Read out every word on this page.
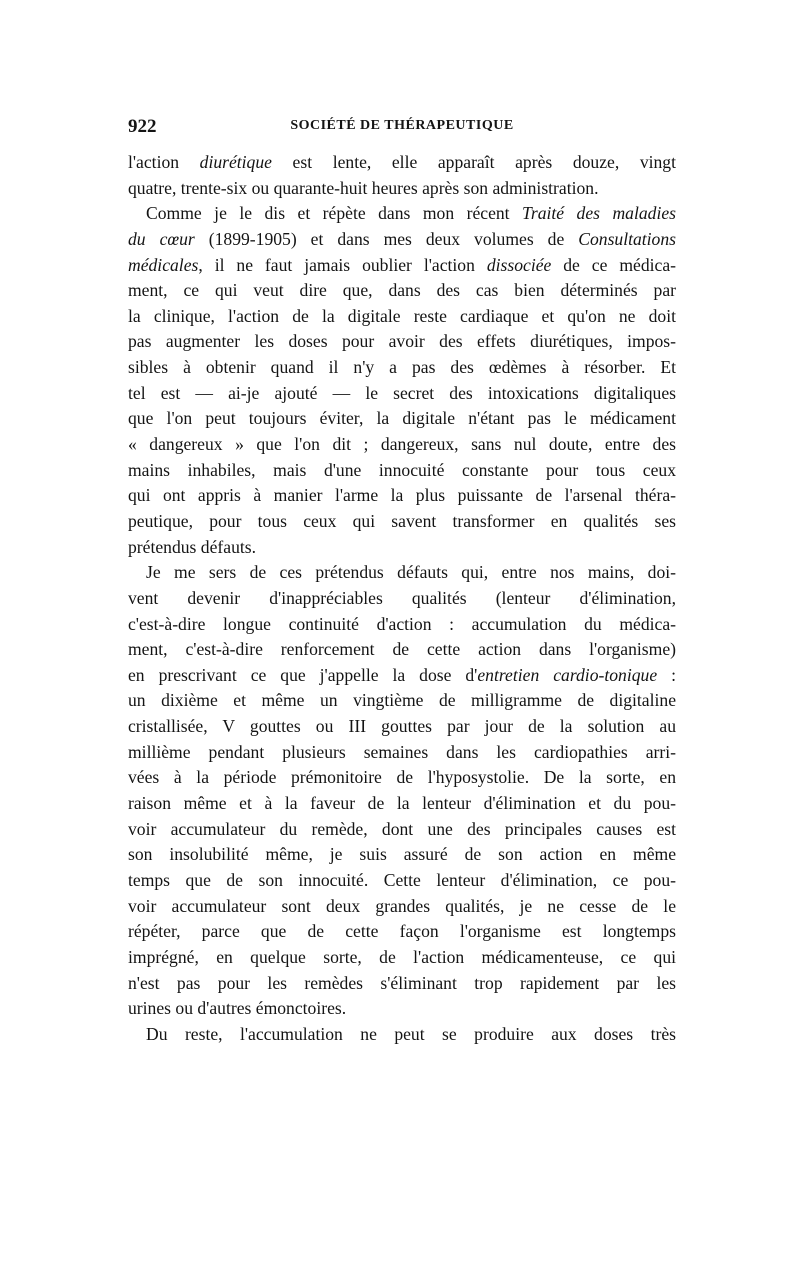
922	SOCIÉTÉ DE THÉRAPEUTIQUE
l'action diurétique est lente, elle apparaît après douze, vingt
quatre, trente-six ou quarante-huit heures après son administration.
Comme je le dis et répète dans mon récent Traité des maladies
du cœur (1899-1905) et dans mes deux volumes de Consultations
médicales, il ne faut jamais oublier l'action dissociée de ce médica-
ment, ce qui veut dire que, dans des cas bien déterminés par
la clinique, l'action de la digitale reste cardiaque et qu'on ne doit
pas augmenter les doses pour avoir des effets diurétiques, impos-
sibles à obtenir quand il n'y a pas des œdèmes à résorber. Et
tel est — ai-je ajouté — le secret des intoxications digitaliques
que l'on peut toujours éviter, la digitale n'étant pas le médicament
« dangereux » que l'on dit ; dangereux, sans nul doute, entre des
mains inhabiles, mais d'une innocuité constante pour tous ceux
qui ont appris à manier l'arme la plus puissante de l'arsenal théra-
peutique, pour tous ceux qui savent transformer en qualités ses
prétendus défauts.
Je me sers de ces prétendus défauts qui, entre nos mains, doi-
vent devenir d'inappréciables qualités (lenteur d'élimination,
c'est-à-dire longue continuité d'action : accumulation du médica-
ment, c'est-à-dire renforcement de cette action dans l'organisme)
en prescrivant ce que j'appelle la dose d'entretien cardio-tonique :
un dixième et même un vingtième de milligramme de digitaline
cristallisée, V gouttes ou III gouttes par jour de la solution au
millième pendant plusieurs semaines dans les cardiopathies arri-
vées à la période prémonitoire de l'hyposystolie. De la sorte, en
raison même et à la faveur de la lenteur d'élimination et du pou-
voir accumulateur du remède, dont une des principales causes est
son insolubilité même, je suis assuré de son action en même
temps que de son innocuité. Cette lenteur d'élimination, ce pou-
voir accumulateur sont deux grandes qualités, je ne cesse de le
répéter, parce que de cette façon l'organisme est longtemps
imprégné, en quelque sorte, de l'action médicamenteuse, ce qui
n'est pas pour les remèdes s'éliminant trop rapidement par les
urines ou d'autres émonctoires.
Du reste, l'accumulation ne peut se produire aux doses très
